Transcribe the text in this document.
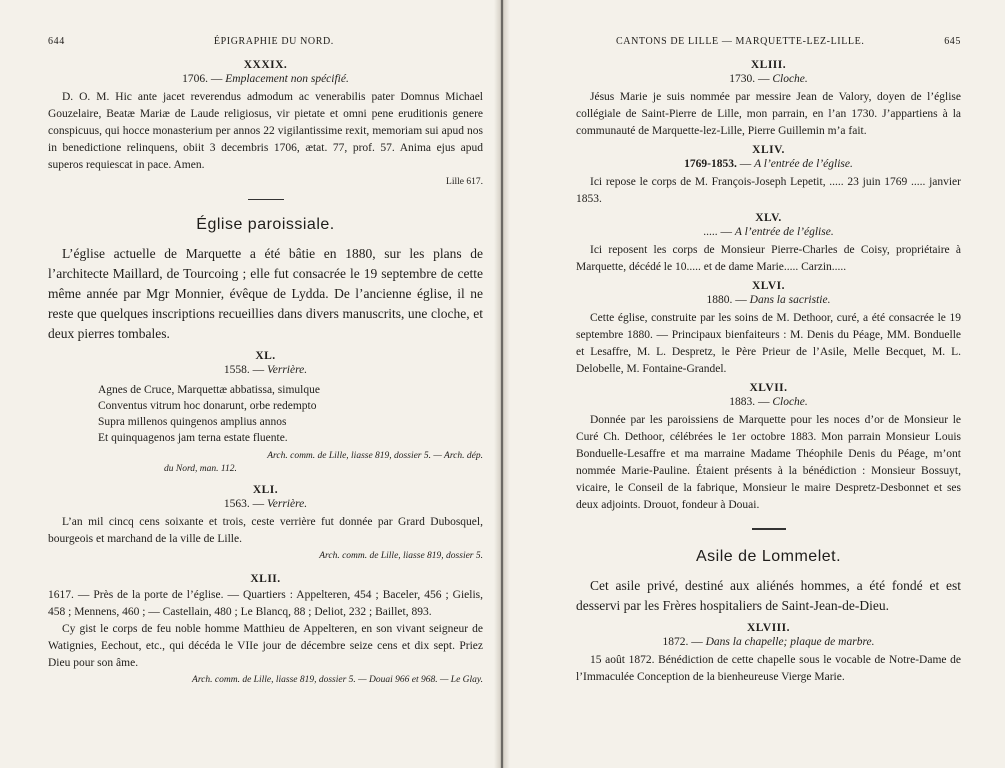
644	ÉPIGRAPHIE DU NORD.
XXXIX.
1706. — Emplacement non spécifié.

D. O. M. Hic ante jacet reverendus admodum ac venerabilis pater Domnus Michael Gouzelaire, Beatæ Mariæ de Laude religiosus, vir pietate et omni pene eruditionis genere conspicuus, qui hocce monasterium per annos 22 vigilantissime rexit, memoriam sui apud nos in benedictione relinquens, obiit 3 decembris 1706, ætat. 77, prof. 57. Anima ejus apud superos requiescat in pace. Amen.

Lille 617.
Église paroissiale.

L’église actuelle de Marquette a été bâtie en 1880, sur les plans de l’architecte Maillard, de Tourcoing ; elle fut consacrée le 19 septembre de cette même année par Mgr Monnier, évêque de Lydda. De l’ancienne église, il ne reste que quelques inscriptions recueillies dans divers manuscrits, une cloche, et deux pierres tombales.

XL.
1558. — Verrière.
Agnes de Cruce, Marquettæ abbatissa, simulque
Conventus vitrum hoc donarunt, orbe redempto
Supra millenos quingenos amplius annos
Et quinquagenos jam terna estate fluente.
Arch. comm. de Lille, liasse 819, dossier 5. — Arch. dép.
du Nord, man. 112.
XLI.
1563. — Verrière.

L’an mil cincq cens soixante et trois, ceste verrière fut donnée par Grard Dubosquel, bourgeois et marchand de la ville de Lille.

Arch. comm. de Lille, liasse 819, dossier 5.
XLII.

1617. — Près de la porte de l’église. — Quartiers : Appelteren, 454 ; Baceler, 456 ; Gielis, 458 ; Mennens, 460 ; — Castellain, 480 ; Le Blancq, 88 ; Deliot, 232 ; Baillet, 893.

Cy gist le corps de feu noble homme Matthieu de Appelteren, en son vivant seigneur de Watignies, Eechout, etc., qui décéda le VIIe jour de décembre seize cens et dix sept. Priez Dieu pour son âme.

Arch. comm. de Lille, liasse 819, dossier 5. — Douai 966 et 968. — Le Glay.
CANTONS DE LILLE — MARQUETTE-LEZ-LILLE.	645
XLIII.
1730. — Cloche.

Jésus Marie je suis nommée par messire Jean de Valory, doyen de l’église collégiale de Saint-Pierre de Lille, mon parrain, en l’an 1730. J’appartiens à la communauté de Marquette-lez-Lille, Pierre Guillemin m’a fait.

XLIV.
1769-1853. — A l’entrée de l’église.

Ici repose le corps de M. François-Joseph Lepetit, ..... 23 juin 1769 ..... janvier 1853.

XLV.
..... — A l’entrée de l’église.

Ici reposent les corps de Monsieur Pierre-Charles de Coisy, propriétaire à Marquette, décédé le 10..... et de dame Marie..... Carzin.....

XLVI.
1880. — Dans la sacristie.

Cette église, construite par les soins de M. Dethoor, curé, a été consacrée le 19 septembre 1880. — Principaux bienfaiteurs : M. Denis du Péage, MM. Bonduelle et Lesaffre, M. L. Despretz, le Père Prieur de l’Asile, Melle Becquet, M. L. Delobelle, M. Fontaine-Grandel.

XLVII.
1883. — Cloche.

Donnée par les paroissiens de Marquette pour les noces d’or de Monsieur le Curé Ch. Dethoor, célébrées le 1er octobre 1883. Mon parrain Monsieur Louis Bonduelle-Lesaffre et ma marraine Madame Théophile Denis du Péage, m’ont nommée Marie-Pauline. Étaient présents à la bénédiction : Monsieur Bossuyt, vicaire, le Conseil de la fabrique, Monsieur le maire Despretz-Desbonnet et ses deux adjoints. Drouot, fondeur à Douai.

Asile de Lommelet.

Cet asile privé, destiné aux aliénés hommes, a été fondé et est desservi par les Frères hospitaliers de Saint-Jean-de-Dieu.

XLVIII.
1872. — Dans la chapelle; plaque de marbre.

15 août 1872. Bénédiction de cette chapelle sous le vocable de Notre-Dame de l’Immaculée Conception de la bienheureuse Vierge Marie.
